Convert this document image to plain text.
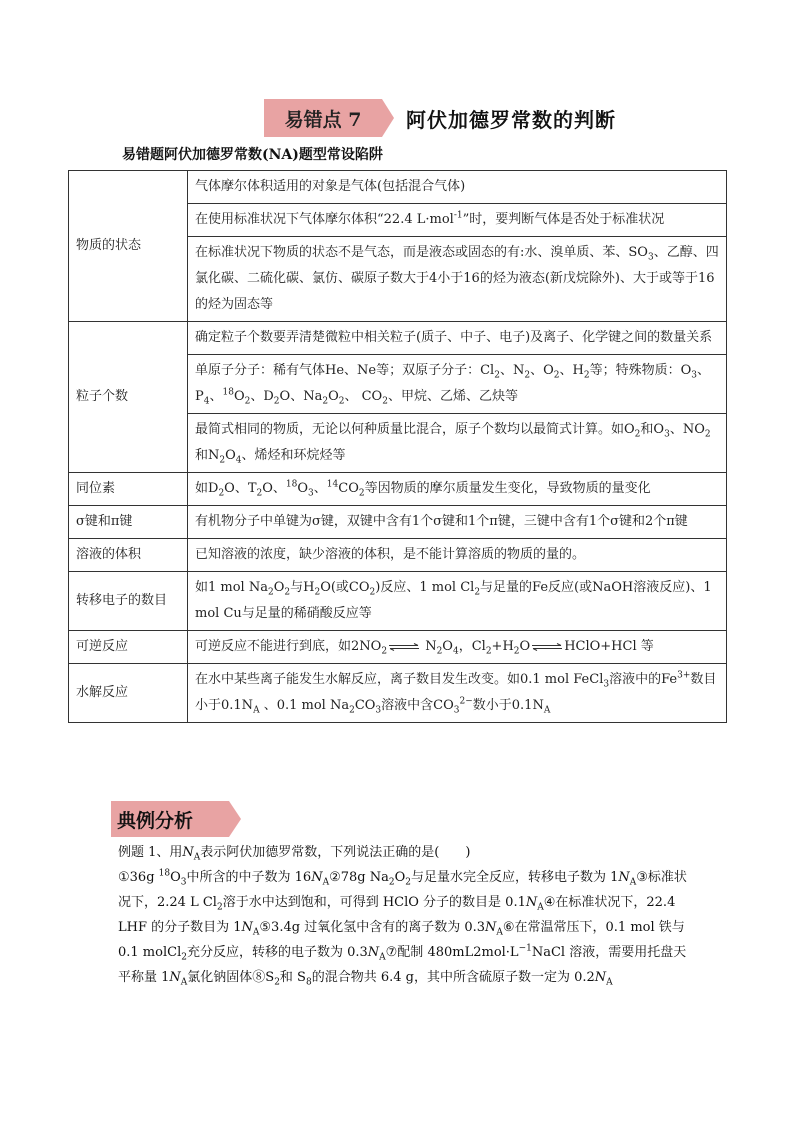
易错点 7	阿伏加德罗常数的判断
易错题阿伏加德罗常数(NA)题型常设陷阱
物质的状态	气体摩尔体积适用的对象是气体(包括混合气体)
	在使用标准状况下气体摩尔体积“22.4 L·mol$^{-1}$”时，要判断气体是否处于标准状况
	在标准状况下物质的状态不是气态，而是液态或固态的有:水、溴单质、苯、$SO_3$、乙醇、四氯化碳、二硫化碳、氯仿、碳原子数大于4小于16的烃为液态(新戊烷除外)、大于或等于16的烃为固态等
粒子个数	确定粒子个数要弄清楚微粒中相关粒子(质子、中子、电子)及离子、化学键之间的数量关系
	单原子分子：稀有气体He、Ne等；双原子分子：$Cl_2$、$N_2$、$O_2$、$H_2$等；特殊物质：$O_3$、$P_4$、$^{18}O_2$、$D_2O$、$Na_2O_2$、 $CO_2$、甲烷、乙烯、乙炔等
	最简式相同的物质，无论以何种质量比混合，原子个数均以最简式计算。如$O_2$和$O_3$、$NO_2$和$N_2O_4$、烯烃和环烷烃等
同位素	如$D_2O$、$T_2O$、$^{18}O_3$、$^{14}CO_2$等因物质的摩尔质量发生变化，导致物质的量变化
σ键和π键	有机物分子中单键为σ键，双键中含有1个σ键和1个π键，三键中含有1个σ键和2个π键
溶液的体积	已知溶液的浓度，缺少溶液的体积，是不能计算溶质的物质的量的。
转移电子的数目	如1 mol $Na_2O_2$与$H_2O$(或$CO_2$)反应、1 mol $Cl_2$与足量的Fe反应(或NaOH溶液反应)、1 mol Cu与足量的稀硝酸反应等
可逆反应	可逆反应不能进行到底，如$2NO_2$ ⇌ $N_2O_4$，$Cl_2+H_2O\rightleftharpoons HClO+HCl$ 等
水解反应	在水中某些离子能发生水解反应，离子数目发生改变。如0.1 mol FeCl$_3$溶液中的$Fe^{3+}$数目小于$0.1N_A$ 、0.1 mol $Na_2CO_3$溶液中含$CO_3^{2-}$数小于$0.1N_A$
典例分析

例题 1、用$N_A$表示阿伏加德罗常数，下列说法正确的是(　　)

①36g $^{18}O_3$中所含的中子数为 $16N_A②78g$ $Na_2O_2$与足量水完全反应，转移电子数为 $1N_A③$标准状况下，2.24 L $Cl_2$溶于水中达到饱和，可得到 HClO 分子的数目是 $0.1N_A④$在标准状况下，22.4 LHF 的分子数目为 $1N_A⑤3.4g$ 过氧化氢中含有的离子数为 $0.3N_A⑥$在常温常压下，0.1 mol 铁与 0.1 molCl$_2$充分反应，转移的电子数为 $0.3N_A⑦$配制 $480mL2mol\cdot L^{-1}NaCl$ 溶液，需要用托盘天平称量 $1N_A$氯化钠固体$⑧S_2$和 $S_8$的混合物共 6.4 g，其中所含硫原子数一定为 $0.2N_A$
